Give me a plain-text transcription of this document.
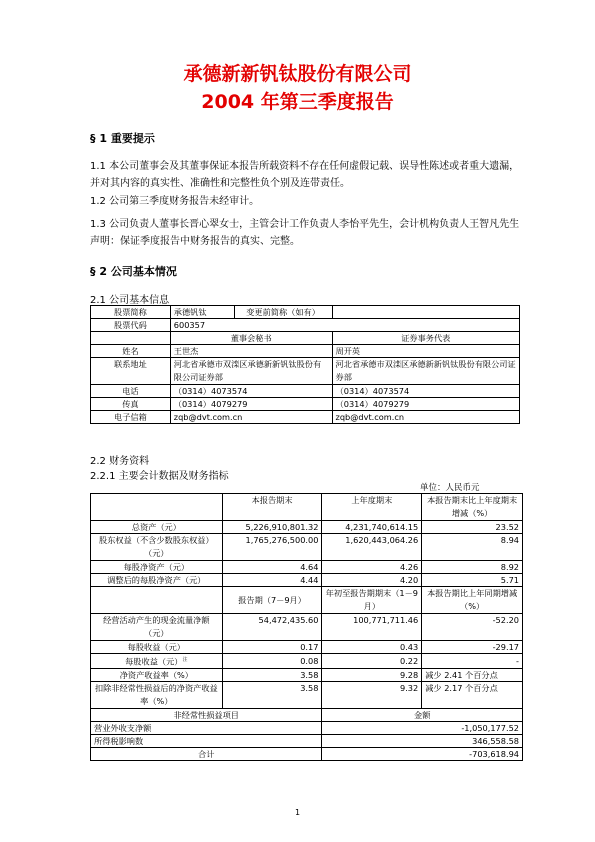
承德新新钒钛股份有限公司
2004 年第三季度报告
§ 1 重要提示
1.1 本公司董事会及其董事保证本报告所载资料不存在任何虚假记载、误导性陈述或者重大遗漏，并对其内容的真实性、准确性和完整性负个别及连带责任。
1.2 公司第三季度财务报告未经审计。
1.3 公司负责人董事长晋心翠女士，主管会计工作负责人李怡平先生，会计机构负责人王智凡先生声明：保证季度报告中财务报告的真实、完整。
§ 2 公司基本情况
2.1 公司基本信息
股票简称	承德钒钛	变更前简称（如有）	
股票代码	600357		
	董事会秘书		证券事务代表
姓名	王世杰		周开英
联系地址	河北省承德市双滦区承德新新钒钛股份有限公司证券部		河北省承德市双滦区承德新新钒钛股份有限公司证券部
电话	（0314）4073574		（0314）4073574
传真	（0314）4079279		（0314）4079279
电子信箱	zqb@dvt.com.cn		zqb@dvt.com.cn
2.2 财务资料
2.2.1 主要会计数据及财务指标
单位：人民币元
	本报告期末	上年度期末	本报告期末比上年度期末增减（%）
总资产（元）	5,226,910,801.32	4,231,740,614.15	23.52
股东权益（不含少数股东权益）（元）	1,765,276,500.00	1,620,443,064.26	8.94
每股净资产（元）	4.64	4.26	8.92
调整后的每股净资产（元）	4.44	4.20	5.71
	报告期（7－9月）	年初至报告期期末（1－9月）	本报告期比上年同期增减（%）
经营活动产生的现金流量净额（元）	54,472,435.60	100,771,711.46	-52.20
每股收益（元）	0.17	0.43	-29.17
每股收益（元）$^注$	0.08	0.22	-
净资产收益率（%）	3.58	9.28	减少 2.41 个百分点
扣除非经常性损益后的净资产收益率（%）	3.58	9.32	减少 2.17 个百分点
非经常性损益项目		金额	
营业外收支净额		-1,050,177.52	
所得税影响数		346,558.58	
合计		-703,618.94	
1
